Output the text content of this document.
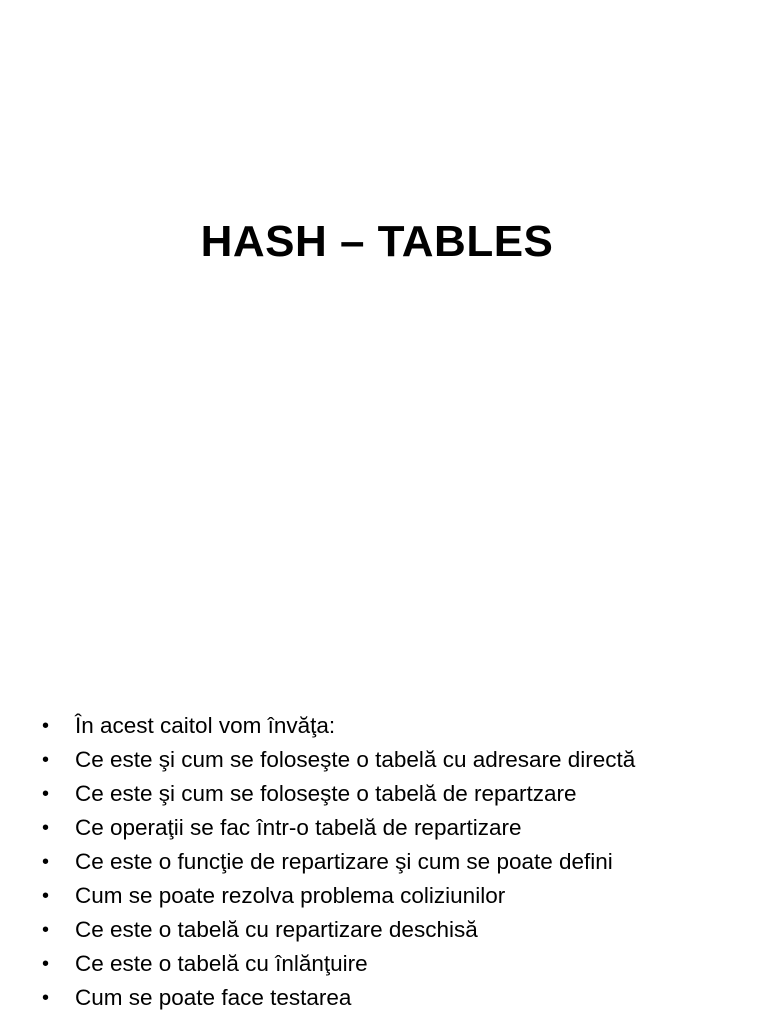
HASH – TABLES
•	În acest caitol vom învăţa:
•	Ce este şi cum se foloseşte o tabelă cu adresare directă
•	Ce este şi cum se foloseşte o tabelă de repartzare
•	Ce operaţii se fac într-o tabelă de repartizare
•	Ce este o funcţie de repartizare şi cum se poate defini
•	Cum se poate rezolva problema coliziunilor
•	Ce este o tabelă cu repartizare deschisă
•	Ce este o tabelă cu înlănţuire
•	Cum se poate face testarea
